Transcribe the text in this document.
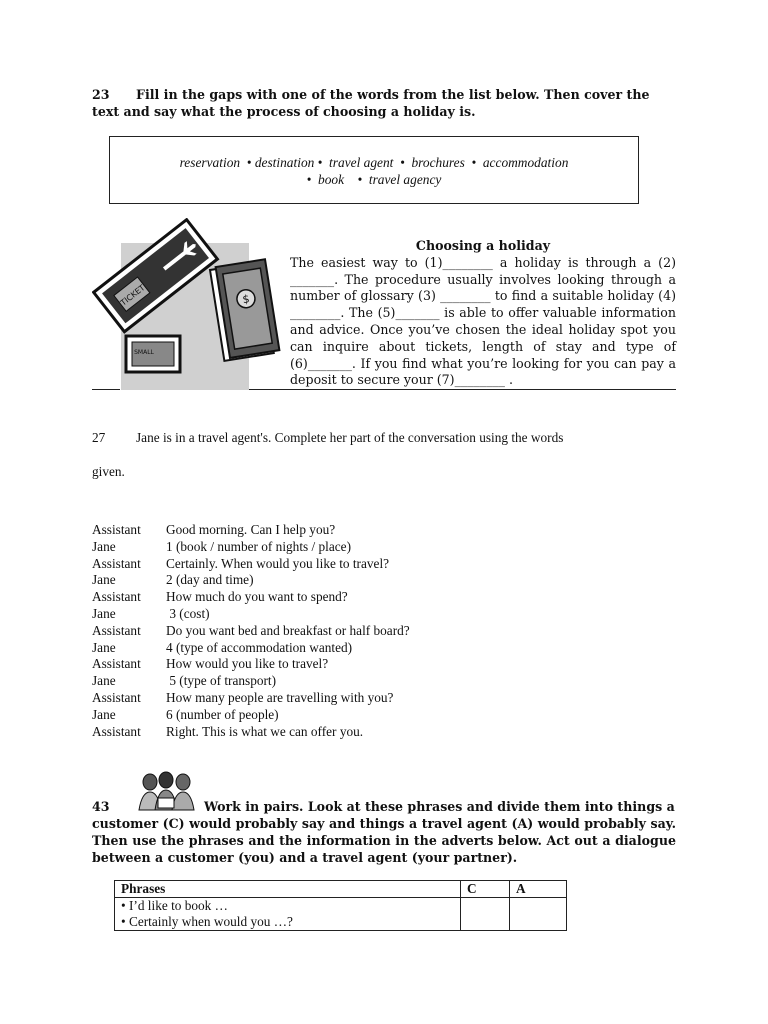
23 Fill in the gaps with one of the words from the list below. Then cover the text and say what the process of choosing a holiday is.
reservation  • destination •  travel agent  •  brochures  •  accommodation
•  book    •  travel agency
TICKET	$
SMALL
Choosing a holiday
The easiest way to (1)________ a holiday is through a (2) _______. The procedure usually involves looking through a number of glossary (3) ________ to find a suitable holiday (4) ________. The (5)_______ is able to offer valuable information and advice. Once you’ve chosen the ideal holiday spot you can inquire about tickets, length of stay and type of (6)_______. If you find what you’re looking for you can pay a deposit to secure your (7)________ .
27 Jane is in a travel agent's. Complete her part of the conversation using the words
given.
Assistant Good morning. Can I help you?
Jane	1 (book / number of nights / place)
Assistant Certainly. When would you like to travel?
Jane	2 (day and time)
Assistant How much do you want to spend?
Jane	3 (cost)
Assistant Do you want bed and breakfast or half board?
Jane	4 (type of accommodation wanted)
Assistant How would you like to travel?
Jane	5 (type of transport)
Assistant How many people are travelling with you?
Jane	6 (number of people)
Assistant Right. This is what we can offer you.
43	Work in pairs. Look at these phrases and divide them into things a
customer (C) would probably say and things a travel agent (A) would probably say. Then use the phrases and the information in the adverts below. Act out a dialogue between a customer (you) and a travel agent (your partner).
Phrases	C	A
• I’d like to book …		
• Certainly when would you …?		
